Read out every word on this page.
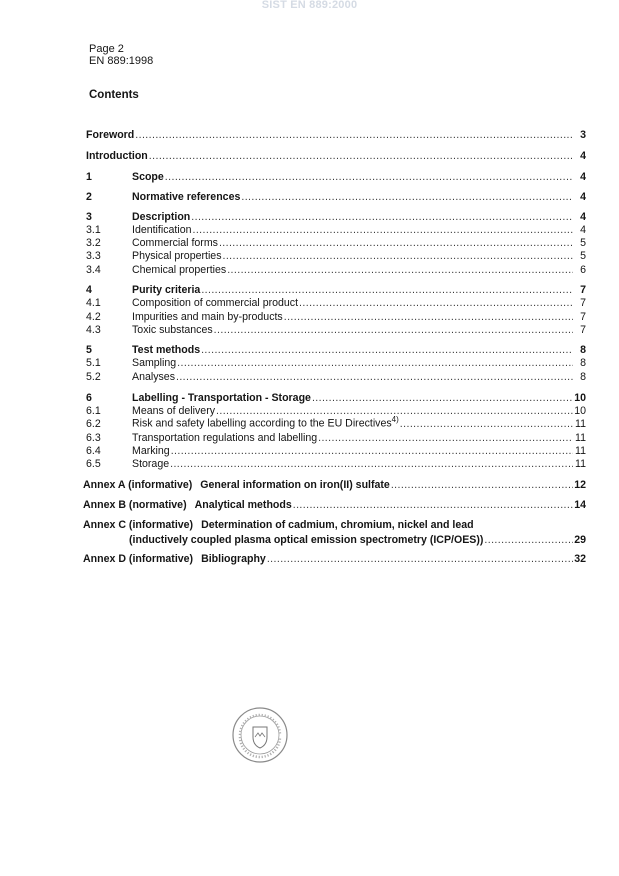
SIST EN 889:2000
Page 2
EN 889:1998
Contents
Foreword .....	3
Introduction .....	4
1	Scope .....	4
2	Normative references .....	4
3	Description .....	4
3.1	Identification .....	4
3.2	Commercial forms .....	5
3.3	Physical properties .....	5
3.4	Chemical properties .....	6
4	Purity criteria .....	7
4.1	Composition of commercial product .....	7
4.2	Impurities and main by-products .....	7
4.3	Toxic substances .....	7
5	Test methods .....	8
5.1	Sampling .....	8
5.2	Analyses .....	8
6	Labelling - Transportation - Storage .....	10
6.1	Means of delivery .....	10
6.2	Risk and safety labelling according to the EU Directives$^{4)}$ .....	11
6.3	Transportation regulations and labelling .....	11
6.4	Marking .....	11
6.5	Storage .....	11
Annex A (informative) General information on iron(II) sulfate .....	12
Annex B (normative) Analytical methods .....	14
Annex C (informative) Determination of cadmium, chromium, nickel and lead
(inductively coupled plasma optical emission spectrometry (ICP/OES)) .....	29
Annex D (informative) Bibliography .....	32
